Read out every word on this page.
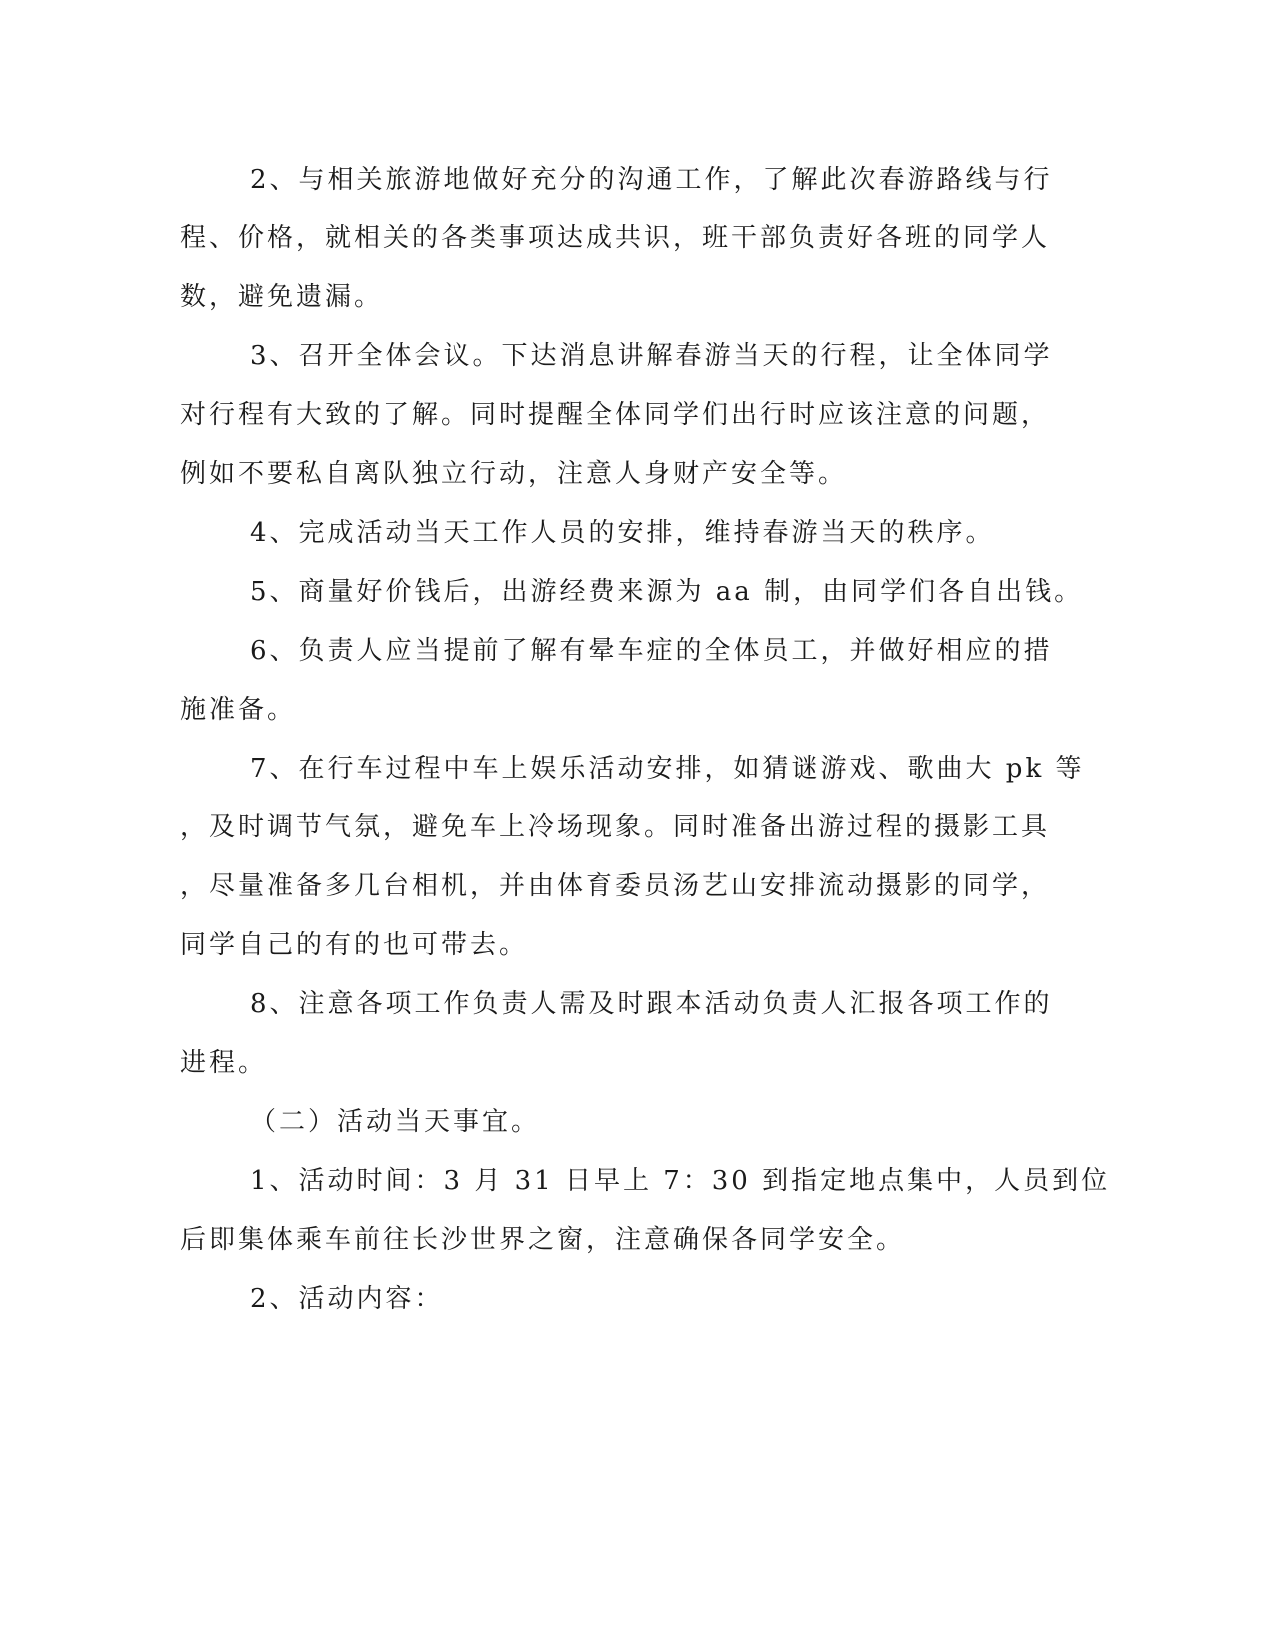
2、与相关旅游地做好充分的沟通工作，了解此次春游路线与行
程、价格，就相关的各类事项达成共识，班干部负责好各班的同学人
数，避免遗漏。
3、召开全体会议。下达消息讲解春游当天的行程，让全体同学
对行程有大致的了解。同时提醒全体同学们出行时应该注意的问题，
例如不要私自离队独立行动，注意人身财产安全等。
4、完成活动当天工作人员的安排，维持春游当天的秩序。
5、商量好价钱后，出游经费来源为 aa 制，由同学们各自出钱。
6、负责人应当提前了解有晕车症的全体员工，并做好相应的措
施准备。
7、在行车过程中车上娱乐活动安排，如猜谜游戏、歌曲大 pk 等
，及时调节气氛，避免车上冷场现象。同时准备出游过程的摄影工具
，尽量准备多几台相机，并由体育委员汤艺山安排流动摄影的同学，
同学自己的有的也可带去。
8、注意各项工作负责人需及时跟本活动负责人汇报各项工作的
进程。
（二）活动当天事宜。
1、活动时间：3 月 31 日早上 7：30 到指定地点集中，人员到位
后即集体乘车前往长沙世界之窗，注意确保各同学安全。
2、活动内容：
